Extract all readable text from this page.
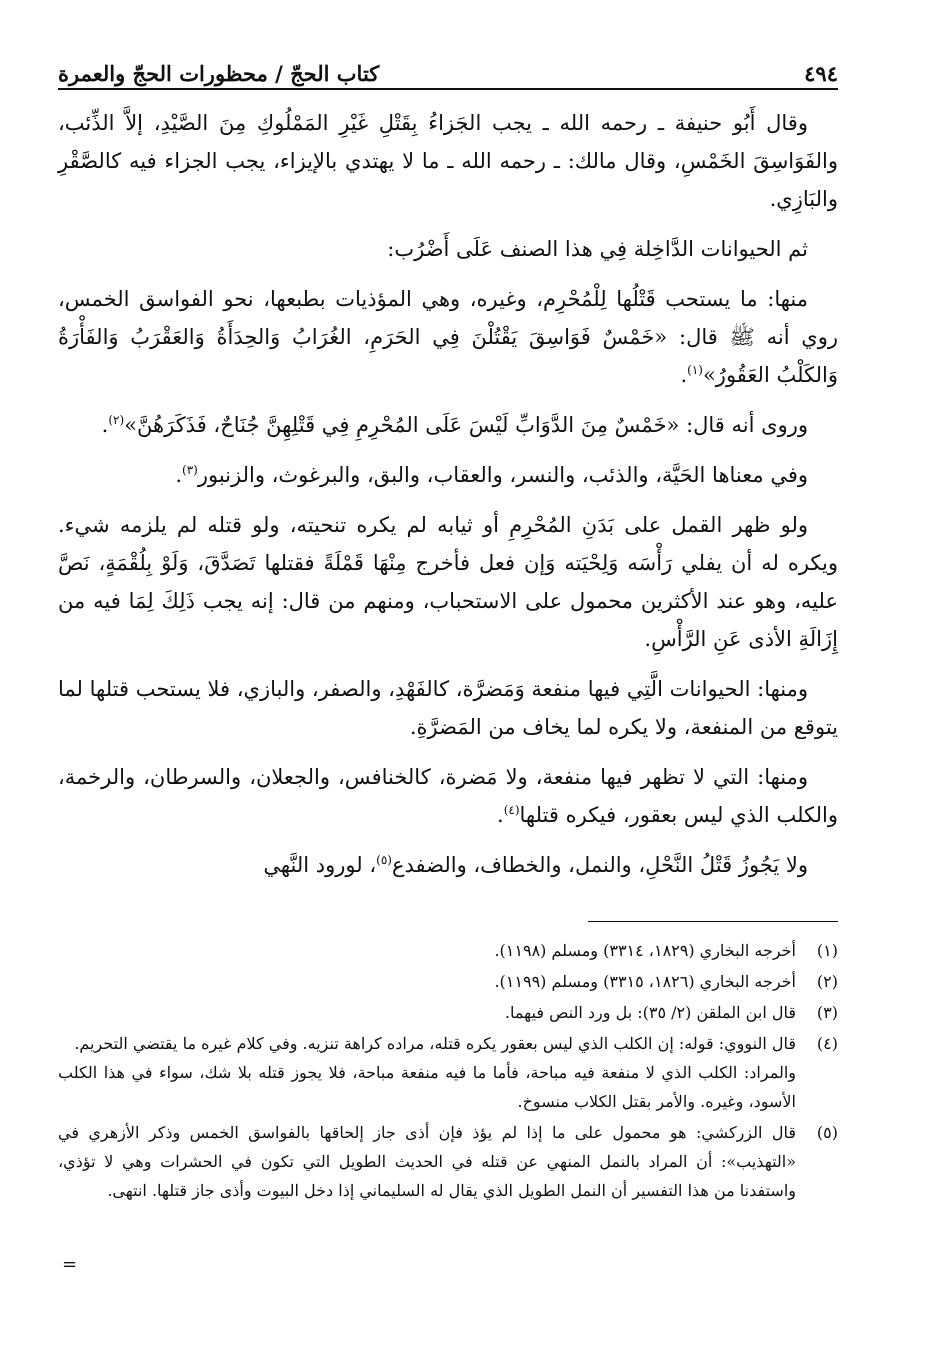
٤٩٤
كتاب الحجّ / محظورات الحجّ والعمرة

وقال أَبُو حنيفة ـ رحمه الله ـ يجب الجَزاءُ بِقَتْلِ غَيْرِ المَمْلُوكِ مِنَ الصَّيْدِ، إلاَّ الذِّئب، والفَوَاسِقَ الخَمْسِ، وقال مالك: ـ رحمه الله ـ ما لا يهتدي بالإيزاء، يجب الجزاء فيه كالصَّقْرِ والبَازِي.

ثم الحيوانات الدَّاخِلة فِي هذا الصنف عَلَى أَضْرُب:

منها: ما يستحب قَتْلُها لِلْمُحْرِم، وغيره، وهي المؤذيات بطبعها، نحو الفواسق الخمس، روي أنه ﷺ قال: «خَمْسٌ فَوَاسِقَ يَقْتُلْنَ فِي الحَرَمِ، الغُرَابُ وَالحِدَأَةُ وَالعَقْرَبُ وَالفَأْرَةُ وَالكَلْبُ العَقُورُ»$^{(١)}$.

وروى أنه قال: «خَمْسٌ مِنَ الدَّوَابِّ لَيْسَ عَلَى المُحْرِمِ فِي قَتْلِهِنَّ جُنَاحٌ، فَذَكَرَهُنَّ»$^{(٢)}$.

وفي معناها الحَيَّة، والذئب، والنسر، والعقاب، والبق، والبرغوث، والزنبور$^{(٣)}$.

ولو ظهر القمل على بَدَنِ المُحْرِمِ أو ثيابه لم يكره تنحيته، ولو قتله لم يلزمه شيء. ويكره له أن يفلي رَأْسَه وَلِحْيَته وَإن فعل فأخرج مِنْهَا قَمْلَةً فقتلها تَصَدَّقَ، وَلَوْ بِلُقْمَةٍ، نَصَّ عليه، وهو عند الأكثرين محمول على الاستحباب، ومنهم من قال: إنه يجب ذَلِكَ لِمَا فيه من إِزَالَةِ الأذى عَنِ الرَّأْسِ.

ومنها: الحيوانات الَّتِي فيها منفعة وَمَضرَّة، كالفَهْدِ، والصفر، والبازي، فلا يستحب قتلها لما يتوقع من المنفعة، ولا يكره لما يخاف من المَضرَّةِ.

ومنها: التي لا تظهر فيها منفعة، ولا مَضرة، كالخنافس، والجعلان، والسرطان، والرخمة، والكلب الذي ليس بعقور، فيكره قتلها$^{(٤)}$.

ولا يَجُوزُ قَتْلُ النَّحْلِ، والنمل، والخطاف، والضفدع$^{(٥)}$، لورود النَّهي

(١)

أخرجه البخاري (١٨٢٩، ٣٣١٤) ومسلم (١١٩٨).

(٢)

أخرجه البخاري (١٨٢٦، ٣٣١٥) ومسلم (١١٩٩).

(٣)

قال ابن الملقن (٢/ ٣٥): بل ورد النص فيهما.

(٤)

قال النووي: قوله: إن الكلب الذي ليس بعقور يكره قتله، مراده كراهة تنزيه. وفي كلام غيره ما يقتضي التحريم.

والمراد: الكلب الذي لا منفعة فيه مباحة، فأما ما فيه منفعة مباحة، فلا يجوز قتله بلا شك، سواء في هذا الكلب الأسود، وغيره. والأمر بقتل الكلاب منسوخ.

(٥)

قال الزركشي: هو محمول على ما إذا لم يؤذ فإن أذى جاز إلحاقها بالفواسق الخمس وذكر الأزهري في «التهذيب»: أن المراد بالنمل المنهي عن قتله في الحديث الطويل التي تكون في الحشرات وهي لا تؤذي، واستفدنا من هذا التفسير أن النمل الطويل الذي يقال له السليماني إذا دخل البيوت وأذى جاز قتلها. انتهى.

=
